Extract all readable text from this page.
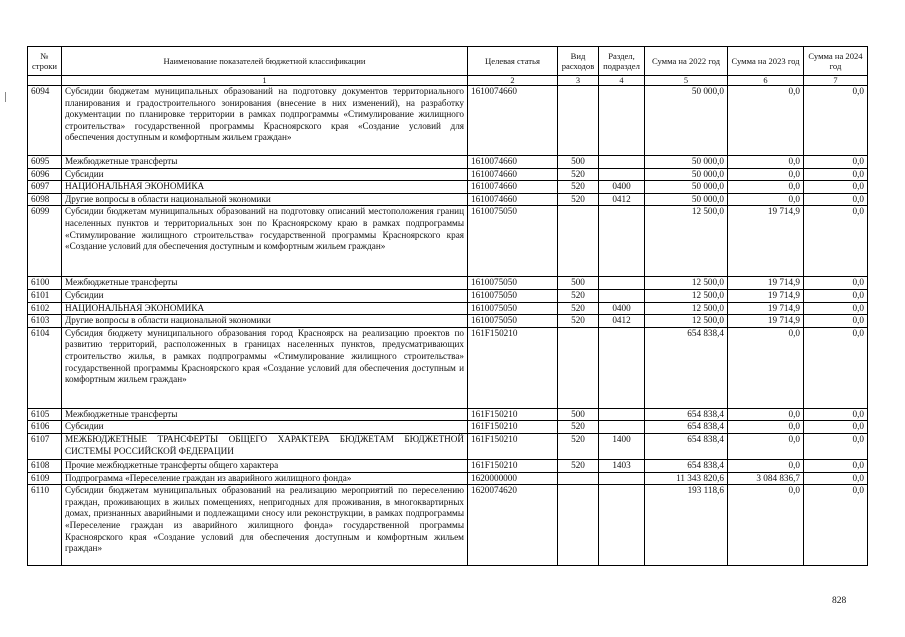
№ строки	Наименование показателей бюджетной классификации	Целевая статья	Вид расходов	Раздел, подраздел	Сумма на 2022 год	Сумма на 2023 год	Сумма на 2024 год
	1	2	3	4	5	6	7
6094	Субсидии бюджетам муниципальных образований на подготовку документов территориального планирования и градостроительного зонирования (внесение в них изменений), на разработку документации по планировке территории в рамках подпрограммы «Стимулирование жилищного строительства» государственной программы Красноярского края «Создание условий для обеспечения доступным и комфортным жильем граждан»	1610074660			50 000,0	0,0	0,0
6095	Межбюджетные трансферты	1610074660	500		50 000,0	0,0	0,0
6096	Субсидии	1610074660	520		50 000,0	0,0	0,0
6097	НАЦИОНАЛЬНАЯ ЭКОНОМИКА	1610074660	520	0400	50 000,0	0,0	0,0
6098	Другие вопросы в области национальной экономики	1610074660	520	0412	50 000,0	0,0	0,0
6099	Субсидии бюджетам муниципальных образований на подготовку описаний местоположения границ населенных пунктов и территориальных зон по Красноярскому краю в рамках подпрограммы «Стимулирование жилищного строительства» государственной программы Красноярского края «Создание условий для обеспечения доступным и комфортным жильем граждан»	1610075050			12 500,0	19 714,9	0,0
6100	Межбюджетные трансферты	1610075050	500		12 500,0	19 714,9	0,0
6101	Субсидии	1610075050	520		12 500,0	19 714,9	0,0
6102	НАЦИОНАЛЬНАЯ ЭКОНОМИКА	1610075050	520	0400	12 500,0	19 714,9	0,0
6103	Другие вопросы в области национальной экономики	1610075050	520	0412	12 500,0	19 714,9	0,0
6104	Субсидия бюджету муниципального образования город Красноярск на реализацию проектов по развитию территорий, расположенных в границах населенных пунктов, предусматривающих строительство жилья, в рамках подпрограммы «Стимулирование жилищного строительства» государственной программы Красноярского края «Создание условий для обеспечения доступным и комфортным жильем граждан»	161F150210			654 838,4	0,0	0,0
6105	Межбюджетные трансферты	161F150210	500		654 838,4	0,0	0,0
6106	Субсидии	161F150210	520		654 838,4	0,0	0,0
6107	МЕЖБЮДЖЕТНЫЕ ТРАНСФЕРТЫ ОБЩЕГО ХАРАКТЕРА БЮДЖЕТАМ БЮДЖЕТНОЙ СИСТЕМЫ РОССИЙСКОЙ ФЕДЕРАЦИИ	161F150210	520	1400	654 838,4	0,0	0,0
6108	Прочие межбюджетные трансферты общего характера	161F150210	520	1403	654 838,4	0,0	0,0
6109	Подпрограмма «Переселение граждан из аварийного жилищного фонда»	1620000000			11 343 820,6	3 084 836,7	0,0
6110	Субсидии бюджетам муниципальных образований на реализацию мероприятий по переселению граждан, проживающих в жилых помещениях, непригодных для проживания, в многоквартирных домах, признанных аварийными и подлежащими сносу или реконструкции, в рамках подпрограммы «Переселение граждан из аварийного жилищного фонда» государственной программы Красноярского края «Создание условий для обеспечения доступным и комфортным жильем граждан»	1620074620			193 118,6	0,0	0,0
828
